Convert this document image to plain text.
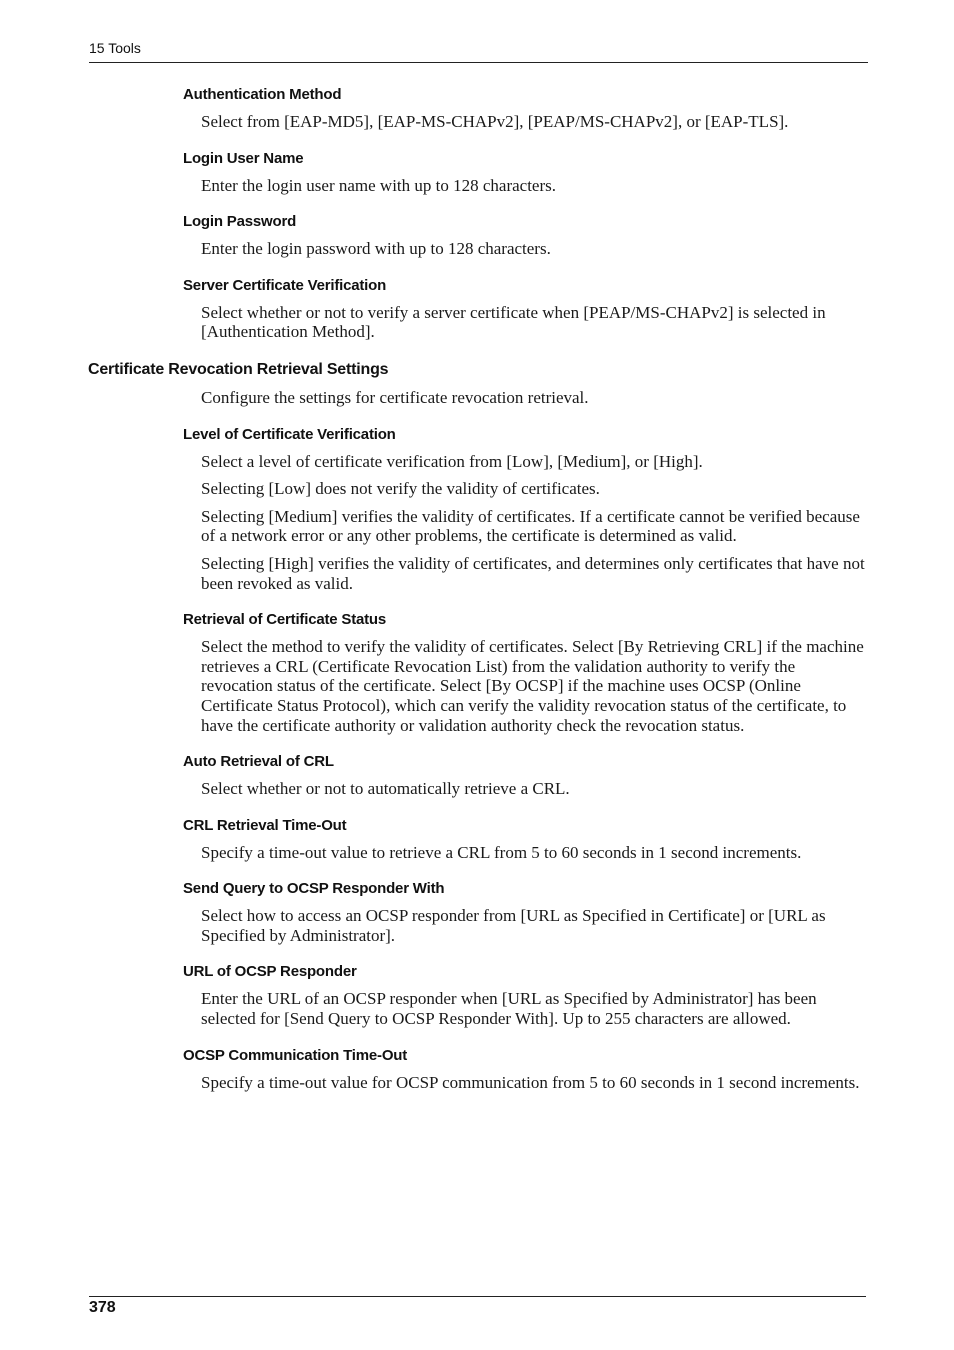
15 Tools
Authentication Method

Select from [EAP-MD5], [EAP-MS-CHAPv2], [PEAP/MS-CHAPv2], or [EAP-TLS].

Login User Name

Enter the login user name with up to 128 characters.

Login Password

Enter the login password with up to 128 characters.

Server Certificate Verification

Select whether or not to verify a server certificate when [PEAP/MS-CHAPv2] is selected in [Authentication Method].

Certificate Revocation Retrieval Settings

Configure the settings for certificate revocation retrieval.

Level of Certificate Verification

Select a level of certificate verification from [Low], [Medium], or [High].

Selecting [Low] does not verify the validity of certificates.

Selecting [Medium] verifies the validity of certificates. If a certificate cannot be verified because of a network error or any other problems, the certificate is determined as valid.

Selecting [High] verifies the validity of certificates, and determines only certificates that have not been revoked as valid.

Retrieval of Certificate Status

Select the method to verify the validity of certificates. Select [By Retrieving CRL] if the machine retrieves a CRL (Certificate Revocation List) from the validation authority to verify the revocation status of the certificate. Select [By OCSP] if the machine uses OCSP (Online Certificate Status Protocol), which can verify the validity revocation status of the certificate, to have the certificate authority or validation authority check the revocation status.

Auto Retrieval of CRL

Select whether or not to automatically retrieve a CRL.

CRL Retrieval Time-Out

Specify a time-out value to retrieve a CRL from 5 to 60 seconds in 1 second increments.

Send Query to OCSP Responder With

Select how to access an OCSP responder from [URL as Specified in Certificate] or [URL as Specified by Administrator].

URL of OCSP Responder

Enter the URL of an OCSP responder when [URL as Specified by Administrator] has been selected for [Send Query to OCSP Responder With]. Up to 255 characters are allowed.

OCSP Communication Time-Out

Specify a time-out value for OCSP communication from 5 to 60 seconds in 1 second increments.

378
